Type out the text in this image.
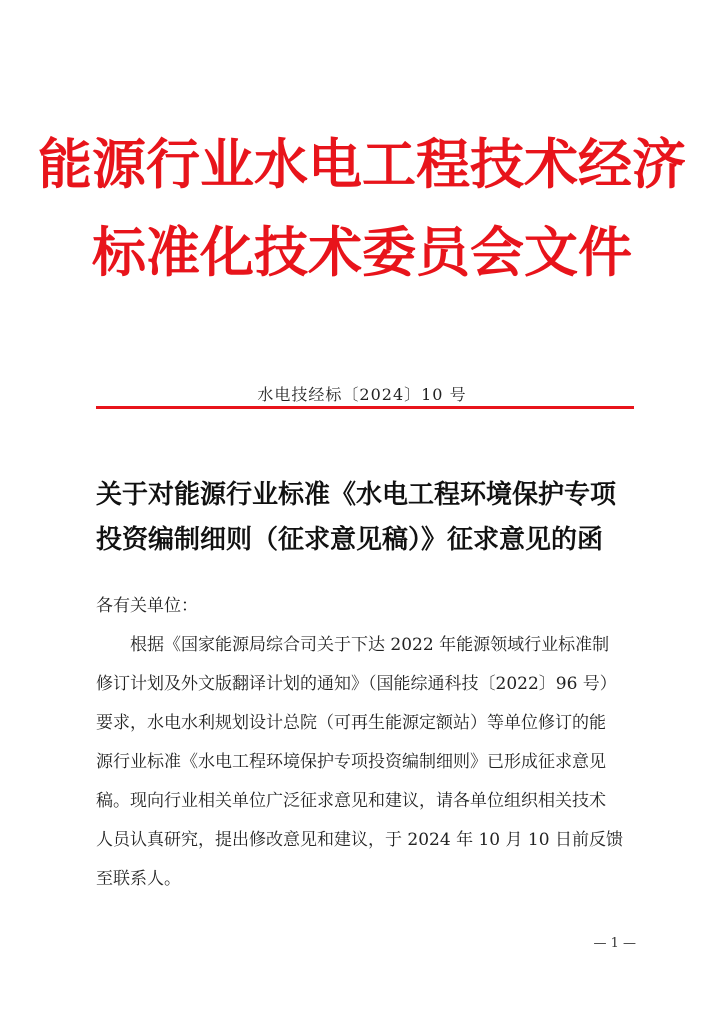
能源行业水电工程技术经济
标准化技术委员会文件
水电技经标〔2024〕10 号
关于对能源行业标准《水电工程环境保护专项
投资编制细则（征求意见稿）》征求意见的函
各有关单位：
根据《国家能源局综合司关于下达 2022 年能源领域行业标准制
修订计划及外文版翻译计划的通知》（国能综通科技〔2022〕96 号）
要求，水电水利规划设计总院（可再生能源定额站）等单位修订的能
源行业标准《水电工程环境保护专项投资编制细则》已形成征求意见
稿。现向行业相关单位广泛征求意见和建议，请各单位组织相关技术
人员认真研究，提出修改意见和建议，于 2024 年 10 月 10 日前反馈
至联系人。
— 1 —
